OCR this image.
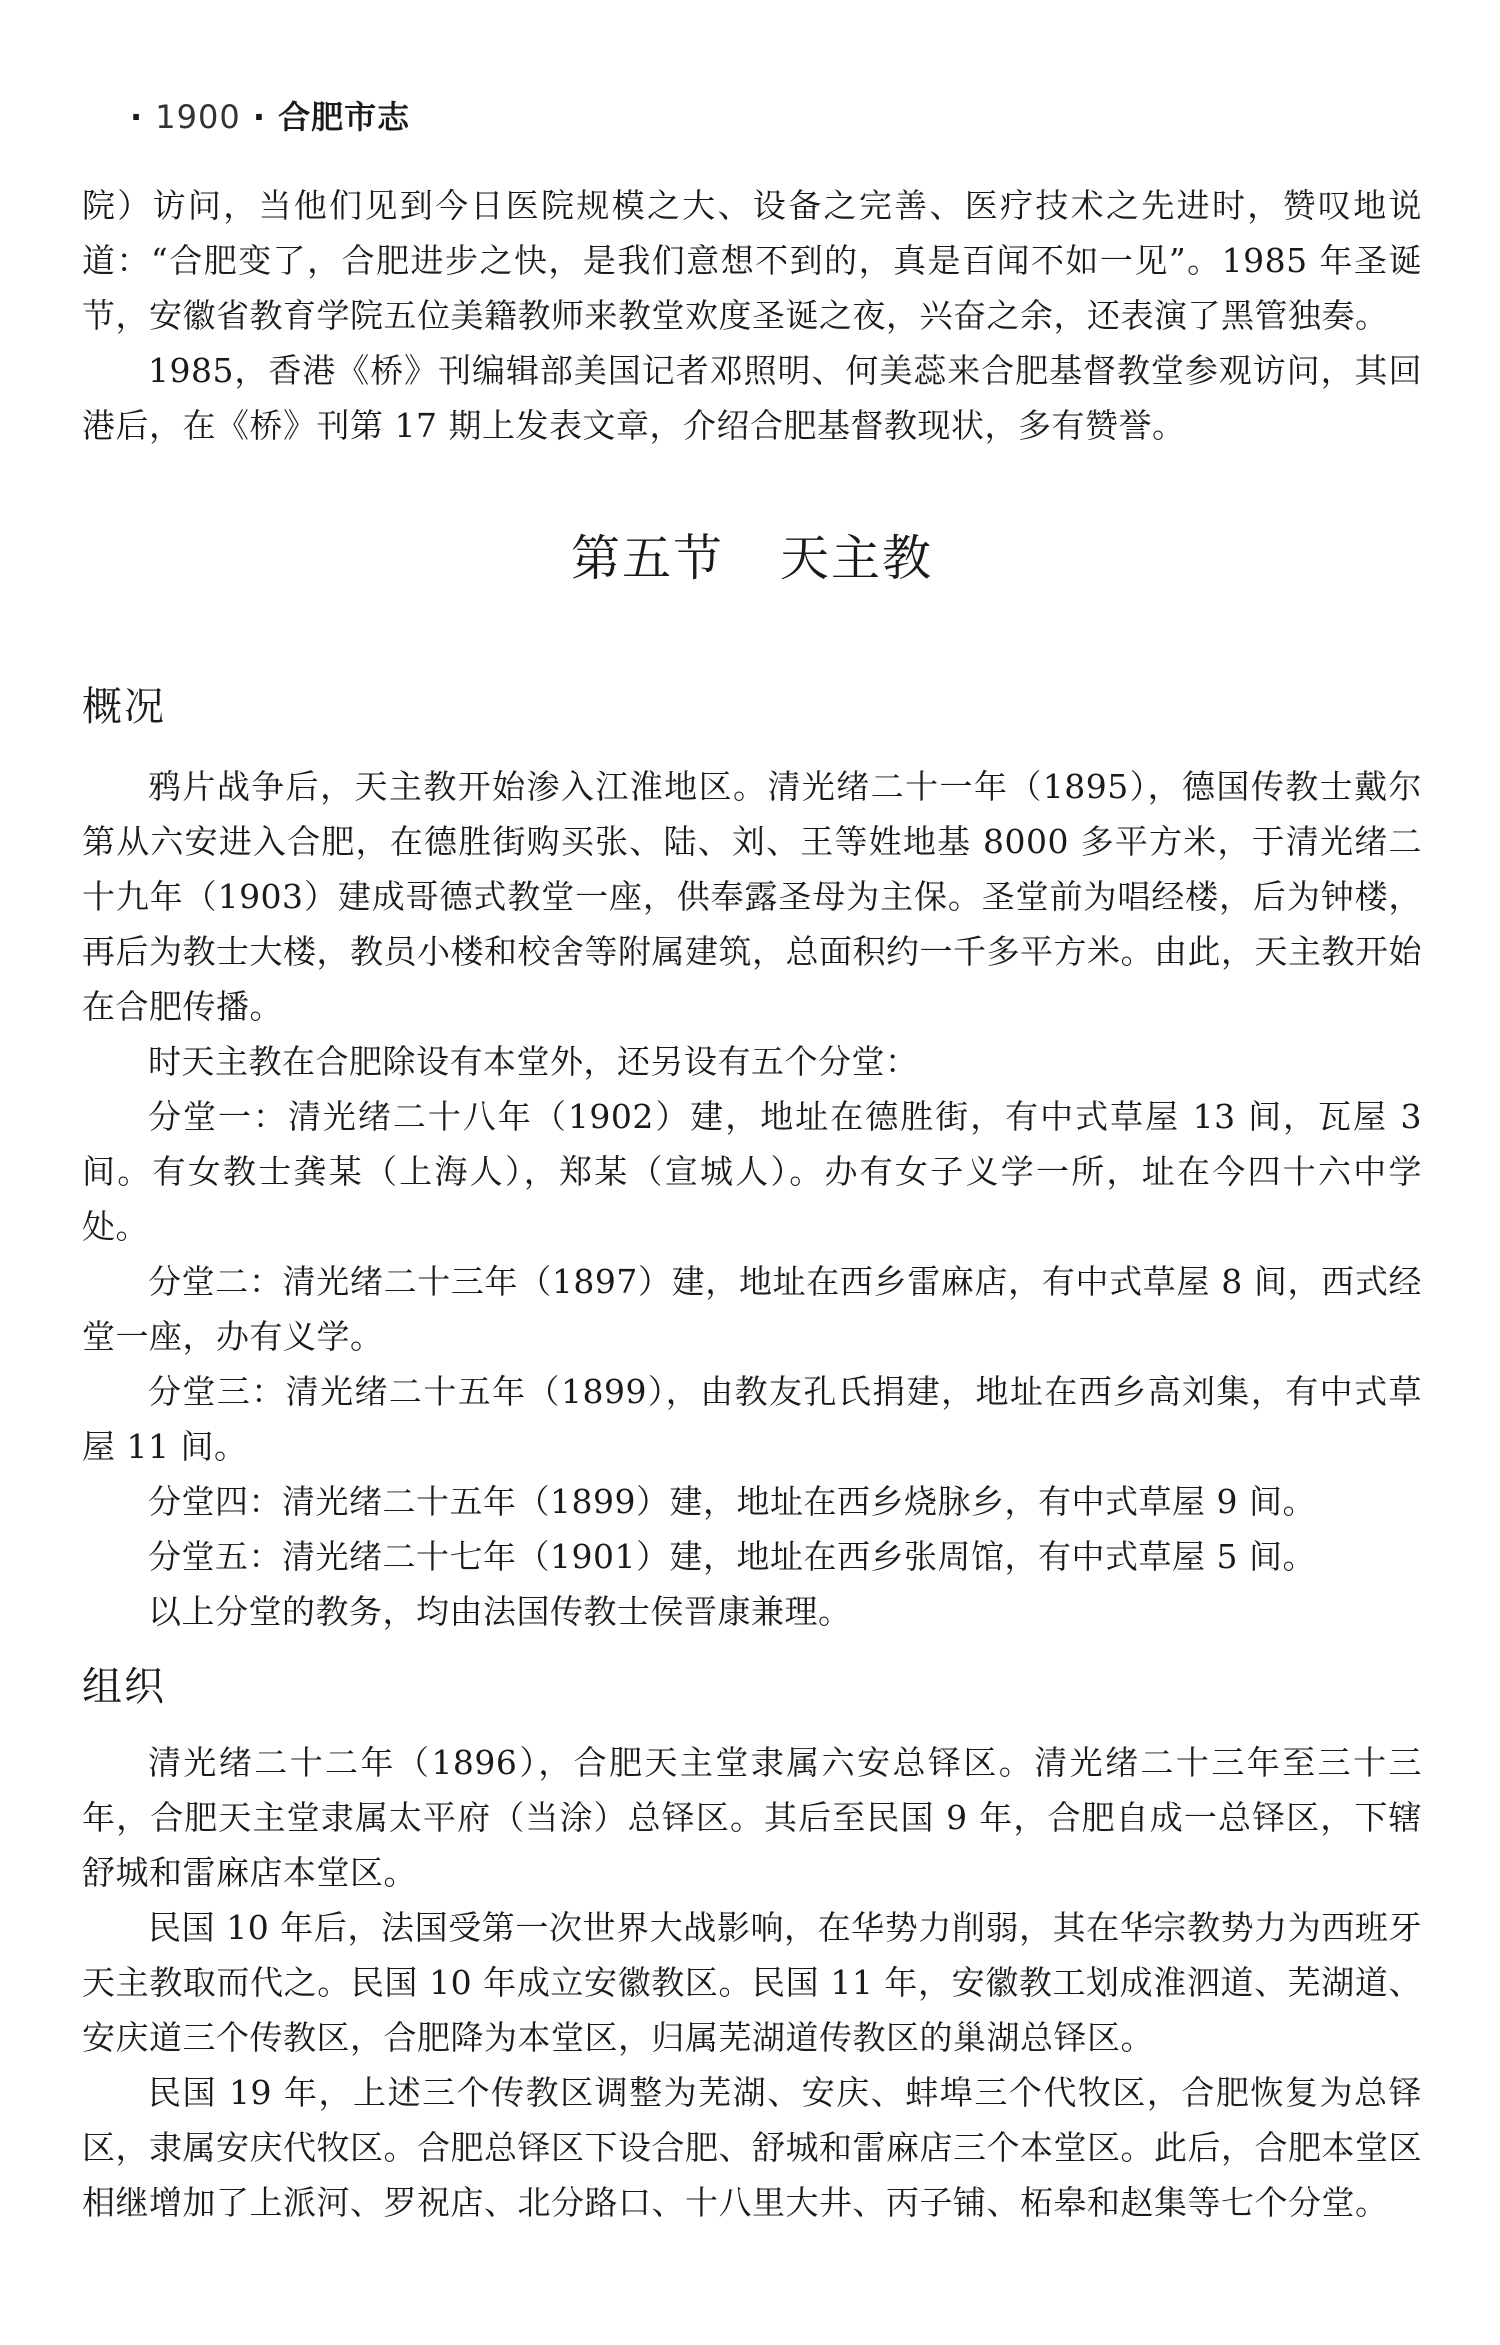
· 1900 · 合肥市志

院）访问，当他们见到今日医院规模之大、设备之完善、医疗技术之先进时，赞叹地说道：“合肥变了，合肥进步之快，是我们意想不到的，真是百闻不如一见”。1985 年圣诞节，安徽省教育学院五位美籍教师来教堂欢度圣诞之夜，兴奋之余，还表演了黑管独奏。

1985，香港《桥》刊编辑部美国记者邓照明、何美蕊来合肥基督教堂参观访问，其回港后，在《桥》刊第 17 期上发表文章，介绍合肥基督教现状，多有赞誉。

第五节 天主教
概况

鸦片战争后，天主教开始渗入江淮地区。清光绪二十一年（1895），德国传教士戴尔第从六安进入合肥，在德胜街购买张、陆、刘、王等姓地基 8000 多平方米，于清光绪二十九年（1903）建成哥德式教堂一座，供奉露圣母为主保。圣堂前为唱经楼，后为钟楼，再后为教士大楼，教员小楼和校舍等附属建筑，总面积约一千多平方米。由此，天主教开始在合肥传播。

时天主教在合肥除设有本堂外，还另设有五个分堂：

分堂一：清光绪二十八年（1902）建，地址在德胜街，有中式草屋 13 间，瓦屋 3 间。有女教士龚某（上海人），郑某（宣城人）。办有女子义学一所，址在今四十六中学处。

分堂二：清光绪二十三年（1897）建，地址在西乡雷麻店，有中式草屋 8 间，西式经堂一座，办有义学。

分堂三：清光绪二十五年（1899），由教友孔氏捐建，地址在西乡高刘集，有中式草屋 11 间。

分堂四：清光绪二十五年（1899）建，地址在西乡烧脉乡，有中式草屋 9 间。

分堂五：清光绪二十七年（1901）建，地址在西乡张周馆，有中式草屋 5 间。

以上分堂的教务，均由法国传教士侯晋康兼理。

组织

清光绪二十二年（1896），合肥天主堂隶属六安总铎区。清光绪二十三年至三十三年，合肥天主堂隶属太平府（当涂）总铎区。其后至民国 9 年，合肥自成一总铎区，下辖舒城和雷麻店本堂区。

民国 10 年后，法国受第一次世界大战影响，在华势力削弱，其在华宗教势力为西班牙天主教取而代之。民国 10 年成立安徽教区。民国 11 年，安徽教工划成淮泗道、芜湖道、安庆道三个传教区，合肥降为本堂区，归属芜湖道传教区的巢湖总铎区。

民国 19 年，上述三个传教区调整为芜湖、安庆、蚌埠三个代牧区，合肥恢复为总铎区，隶属安庆代牧区。合肥总铎区下设合肥、舒城和雷麻店三个本堂区。此后，合肥本堂区相继增加了上派河、罗祝店、北分路口、十八里大井、丙子铺、柘皋和赵集等七个分堂。
